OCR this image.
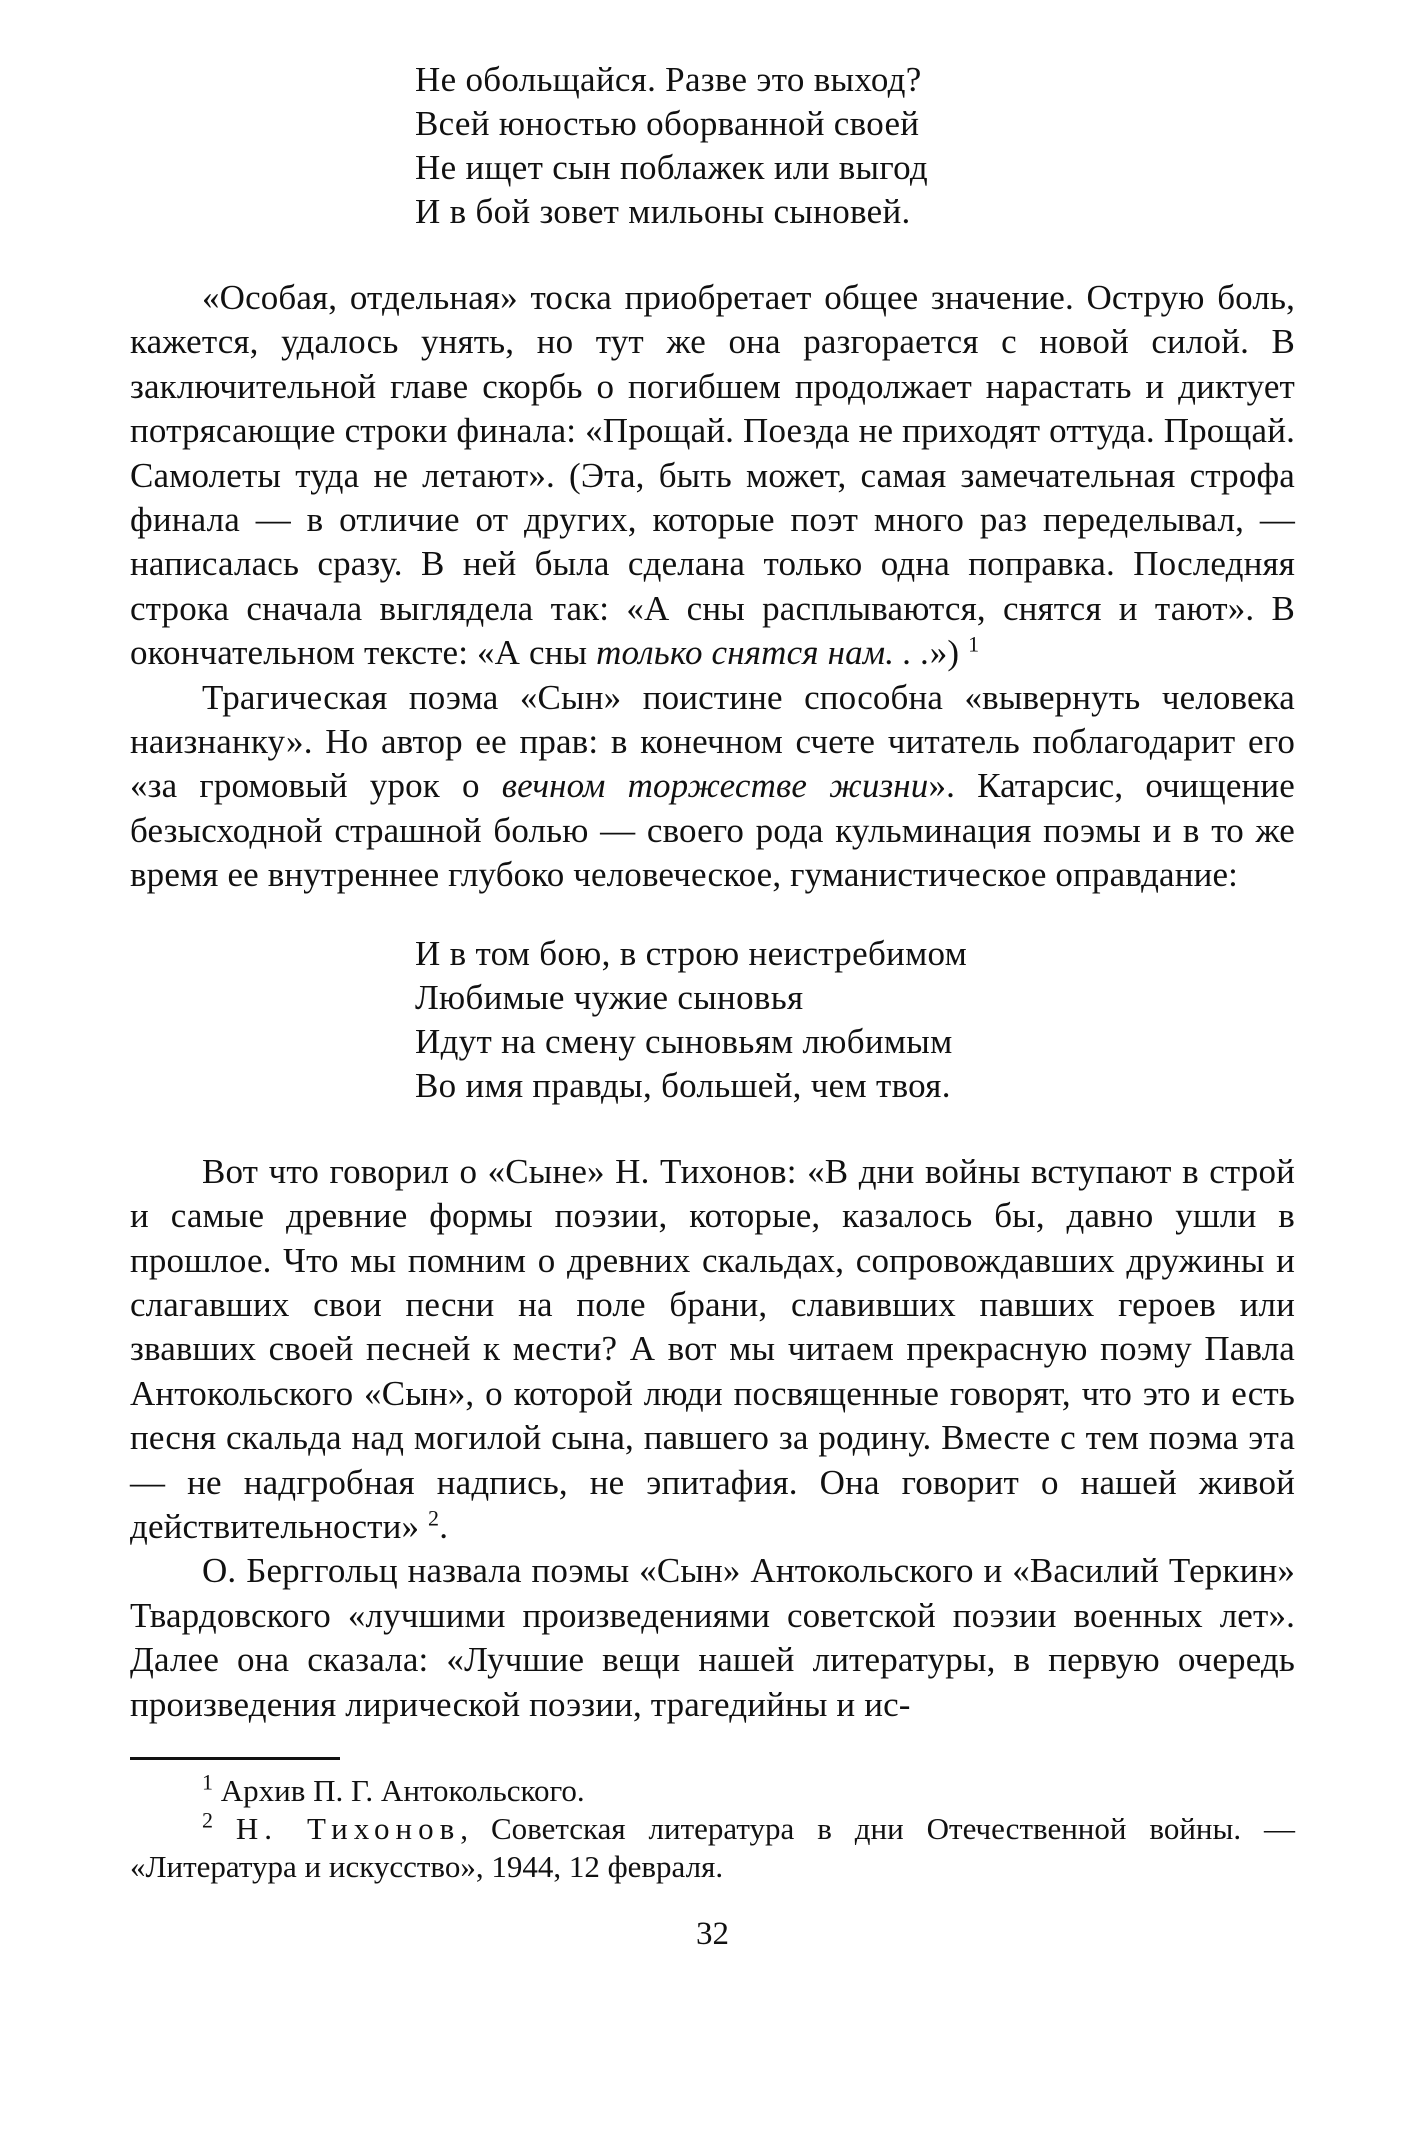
Не обольщайся. Разве это выход?
Всей юностью оборванной своей
Не ищет сын поблажек или выгод
И в бой зовет мильоны сыновей.

«Особая, отдельная» тоска приобретает общее значение. Острую боль, кажется, удалось унять, но тут же она разгорается с новой силой. В заключительной главе скорбь о погибшем продолжает нарастать и диктует потрясающие строки финала: «Прощай. Поезда не приходят оттуда. Прощай. Самолеты туда не летают». (Эта, быть может, самая замечательная строфа финала — в отличие от других, которые поэт много раз переделывал, — написалась сразу. В ней была сделана только одна поправка. Последняя строка сначала выглядела так: «А сны расплываются, снятся и тают». В окончательном тексте: «А сны только снятся нам. . .») $^1$

Трагическая поэма «Сын» поистине способна «вывернуть человека наизнанку». Но автор ее прав: в конечном счете читатель поблагодарит его «за громовый урок о вечном торжестве жизни». Катарсис, очищение безысходной страшной болью — своего рода кульминация поэмы и в то же время ее внутреннее глубоко человеческое, гуманистическое оправдание:

И в том бою, в строю неистребимом
Любимые чужие сыновья
Идут на смену сыновьям любимым
Во имя правды, большей, чем твоя.

Вот что говорил о «Сыне» Н. Тихонов: «В дни войны вступают в строй и самые древние формы поэзии, которые, казалось бы, давно ушли в прошлое. Что мы помним о древних скальдах, сопровождавших дружины и слагавших свои песни на поле брани, славивших павших героев или звавших своей песней к мести? А вот мы читаем прекрасную поэму Павла Антокольского «Сын», о которой люди посвященные говорят, что это и есть песня скальда над могилой сына, павшего за родину. Вместе с тем поэма эта — не надгробная надпись, не эпитафия. Она говорит о нашей живой действительности» $^2$.

О. Берггольц назвала поэмы «Сын» Антокольского и «Василий Теркин» Твардовского «лучшими произведениями советской поэзии военных лет». Далее она сказала: «Лучшие вещи нашей литературы, в первую очередь произведения лирической поэзии, трагедийны и ис-

$^1$ Архив П. Г. Антокольского.

$^2$ Н. Тихонов, Советская литература в дни Отечественной войны. — «Литература и искусство», 1944, 12 февраля.

32
